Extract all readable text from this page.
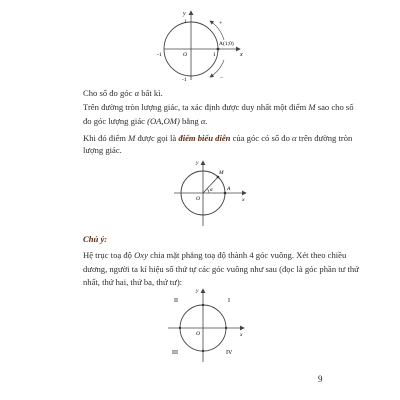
y
x
1
-1
-1	1
O
A(1;0)
+
−

Cho số đo góc α bất kì.

Trên đường tròn lượng giác, ta xác định được duy nhất một điểm M sao cho số

đo góc lượng giác (OA,OM) bằng α.

Khi đó điểm M được gọi là điểm biểu diễn của góc có số đo α trên đường tròn

lượng giác.

y
x
O
M
A
α

Chú ý:

Hệ trục toạ độ Oxy chia mặt phẳng toạ độ thành 4 góc vuông. Xét theo chiều

dương, người ta kí hiệu số thứ tự các góc vuông như sau (đọc là góc phần tư thứ

nhất, thứ hai, thứ ba, thứ tư):

y
x
O
I
II
III	IV
9
